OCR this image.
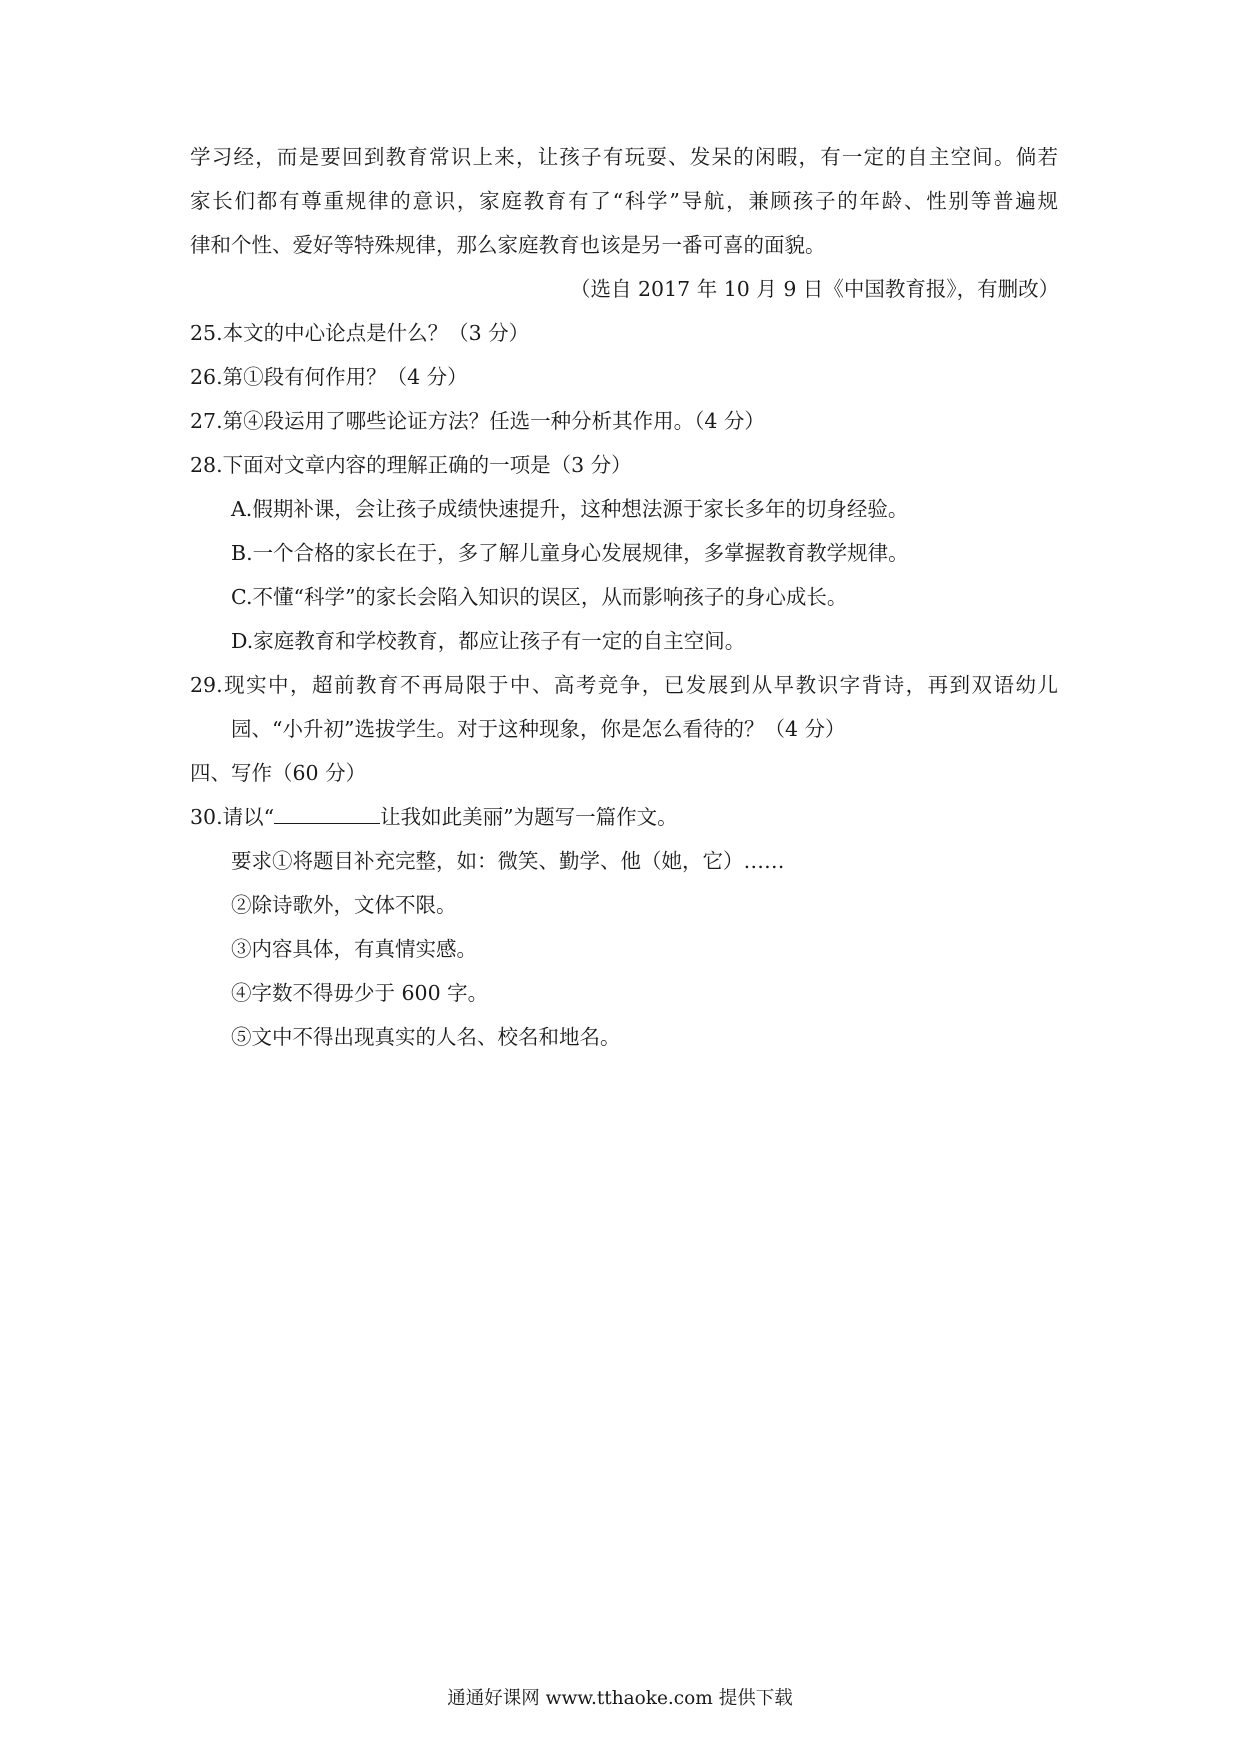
学习经，而是要回到教育常识上来，让孩子有玩耍、发呆的闲暇，有一定的自主空间。倘若

家长们都有尊重规律的意识，家庭教育有了“科学”导航，兼顾孩子的年龄、性别等普遍规

律和个性、爱好等特殊规律，那么家庭教育也该是另一番可喜的面貌。

（选自 2017 年 10 月 9 日《中国教育报》，有删改）

25.本文的中心论点是什么？（3 分）

26.第①段有何作用？（4 分）

27.第④段运用了哪些论证方法？任选一种分析其作用。（4 分）

28.下面对文章内容的理解正确的一项是（3 分）

A.假期补课，会让孩子成绩快速提升，这种想法源于家长多年的切身经验。

B.一个合格的家长在于，多了解儿童身心发展规律，多掌握教育教学规律。

C.不懂“科学”的家长会陷入知识的误区，从而影响孩子的身心成长。

D.家庭教育和学校教育，都应让孩子有一定的自主空间。

29.现实中，超前教育不再局限于中、高考竞争，已发展到从早教识字背诗，再到双语幼儿

园、“小升初”选拔学生。对于这种现象，你是怎么看待的？（4 分）

四、写作（60 分）

30.请以“	让我如此美丽”为题写一篇作文。

要求①将题目补充完整，如：微笑、勤学、他（她，它）……

②除诗歌外，文体不限。

③内容具体，有真情实感。

④字数不得毋少于 600 字。

⑤文中不得出现真实的人名、校名和地名。

通通好课网 www.tthaoke.com 提供下载
